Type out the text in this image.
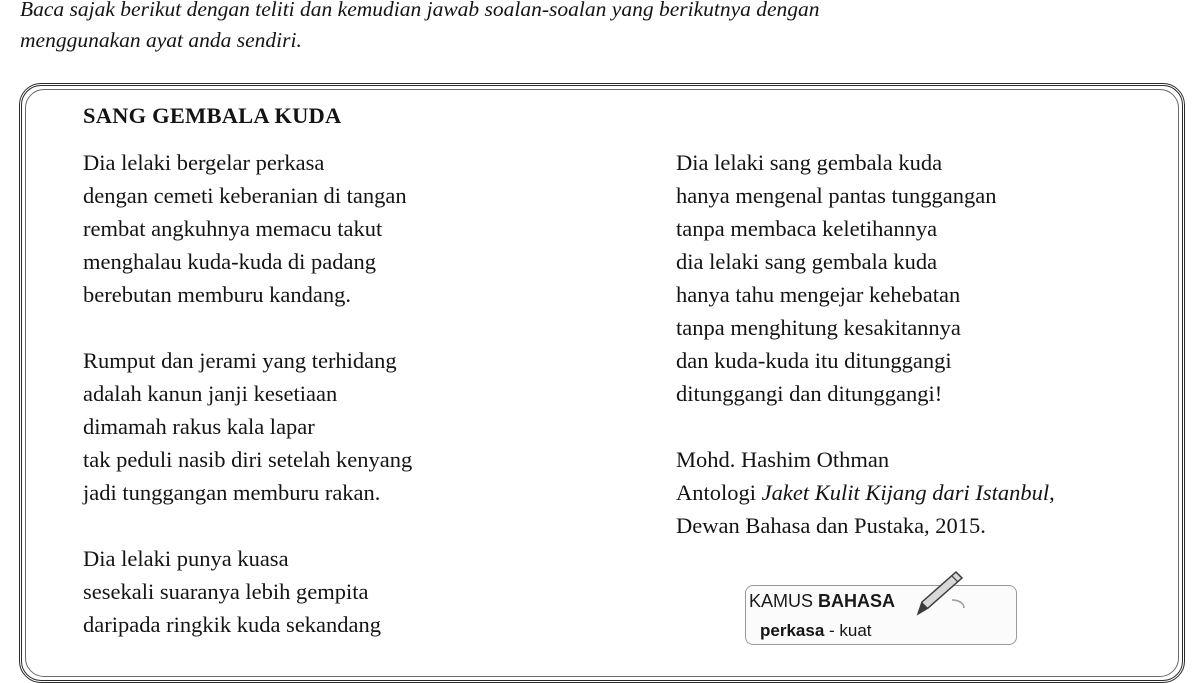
Baca sajak berikut dengan teliti dan kemudian jawab soalan-soalan yang berikutnya dengan
menggunakan ayat anda sendiri.
SANG GEMBALA KUDA
Dia lelaki bergelar perkasa
dengan cemeti keberanian di tangan
rembat angkuhnya memacu takut
menghalau kuda-kuda di padang
berebutan memburu kandang.
Rumput dan jerami yang terhidang
adalah kanun janji kesetiaan
dimamah rakus kala lapar
tak peduli nasib diri setelah kenyang
jadi tunggangan memburu rakan.
Dia lelaki punya kuasa
sesekali suaranya lebih gempita
daripada ringkik kuda sekandang
Dia lelaki sang gembala kuda
hanya mengenal pantas tunggangan
tanpa membaca keletihannya
dia lelaki sang gembala kuda
hanya tahu mengejar kehebatan
tanpa menghitung kesakitannya
dan kuda-kuda itu ditunggangi
ditunggangi dan ditunggangi!
Mohd. Hashim Othman
Antologi Jaket Kulit Kijang dari Istanbul,
Dewan Bahasa dan Pustaka, 2015.
KAMUS BAHASA
perkasa - kuat
